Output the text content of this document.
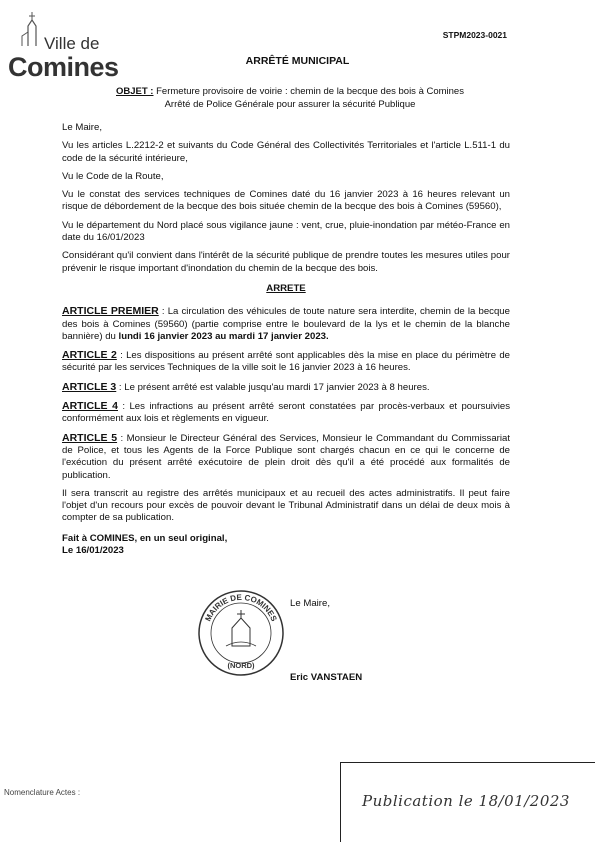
Ville de
Comines
STPM2023-0021
ARRÊTÉ MUNICIPAL
OBJET : Fermeture provisoire de voirie : chemin de la becque des bois à Comines
Arrêté de Police Générale pour assurer la sécurité Publique

Le Maire,

Vu les articles L.2212-2 et suivants du Code Général des Collectivités Territoriales et l'article L.511-1 du code de la sécurité intérieure,

Vu le Code de la Route,

Vu le constat des services techniques de Comines daté du 16 janvier 2023 à 16 heures relevant un risque de débordement de la becque des bois située chemin de la becque des bois à Comines (59560),

Vu le département du Nord placé sous vigilance jaune : vent, crue, pluie-inondation par météo-France en date du 16/01/2023

Considérant qu'il convient dans l'intérêt de la sécurité publique de prendre toutes les mesures utiles pour prévenir le risque important d'inondation du chemin de la becque des bois.

ARRETE

ARTICLE PREMIER : La circulation des véhicules de toute nature sera interdite, chemin de la becque des bois à Comines (59560) (partie comprise entre le boulevard de la lys et le chemin de la blanche bannière) du lundi 16 janvier 2023 au mardi 17 janvier 2023.

ARTICLE 2 : Les dispositions au présent arrêté sont applicables dès la mise en place du périmètre de sécurité par les services Techniques de la ville soit le 16 janvier 2023 à 16 heures.

ARTICLE 3 : Le présent arrêté est valable jusqu'au mardi 17 janvier 2023 à 8 heures.

ARTICLE 4 : Les infractions au présent arrêté seront constatées par procès-verbaux et poursuivies conformément aux lois et règlements en vigueur.

ARTICLE 5 : Monsieur le Directeur Général des Services, Monsieur le Commandant du Commissariat de Police, et tous les Agents de la Force Publique sont chargés chacun en ce qui le concerne de l'exécution du présent arrêté exécutoire de plein droit dès qu'il a été procédé aux formalités de publication.

Il sera transcrit au registre des arrêtés municipaux et au recueil des actes administratifs. Il peut faire l'objet d'un recours pour excès de pouvoir devant le Tribunal Administratif dans un délai de deux mois à compter de sa publication.

Fait à COMINES, en un seul original,
Le 16/01/2023

Le Maire,
MAIRIE DE COMINES
(NORD)
Eric VANSTAEN
Nomenclature Actes :	Publication le 18/01/2023
